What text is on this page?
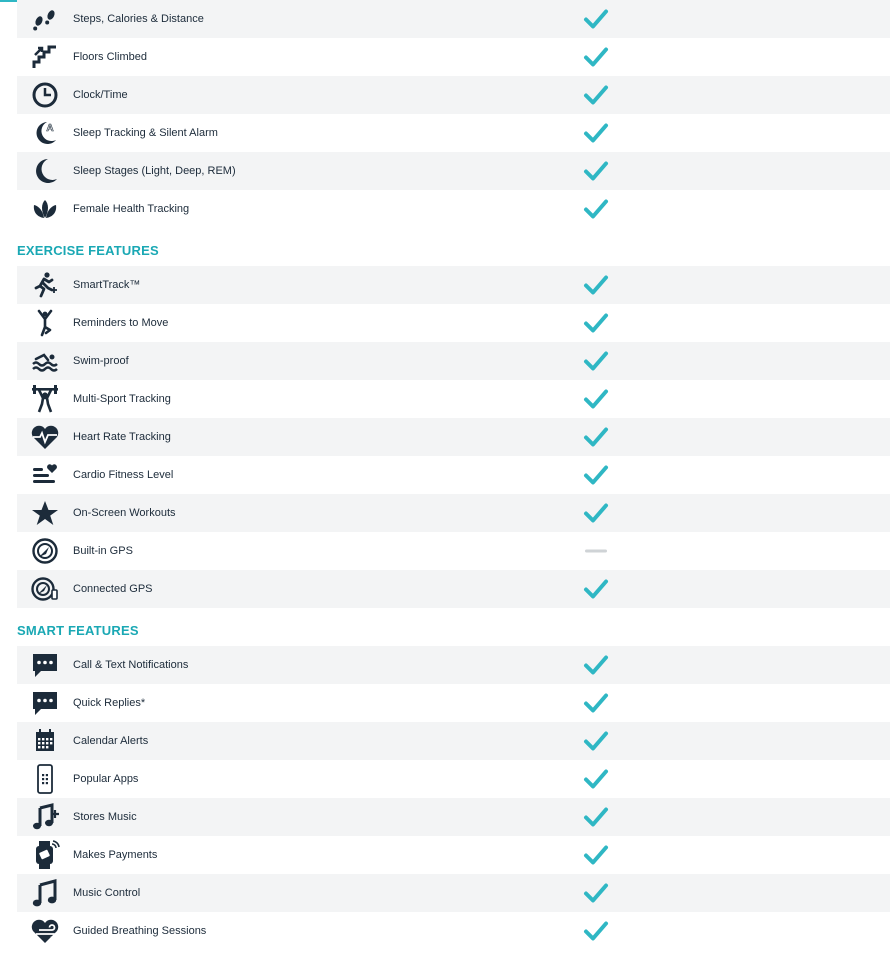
Steps, Calories & Distance
Floors Climbed
Clock/Time
A Sleep Tracking & Silent Alarm
Sleep Stages (Light, Deep, REM)
Female Health Tracking
EXERCISE FEATURES
SmartTrack™
Reminders to Move
Swim-proof
Multi-Sport Tracking
Heart Rate Tracking
Cardio Fitness Level
On-Screen Workouts
Built-in GPS
Connected GPS
SMART FEATURES
Call & Text Notifications
Quick Replies*
Calendar Alerts
Popular Apps
Stores Music
Makes Payments
Music Control
Guided Breathing Sessions
